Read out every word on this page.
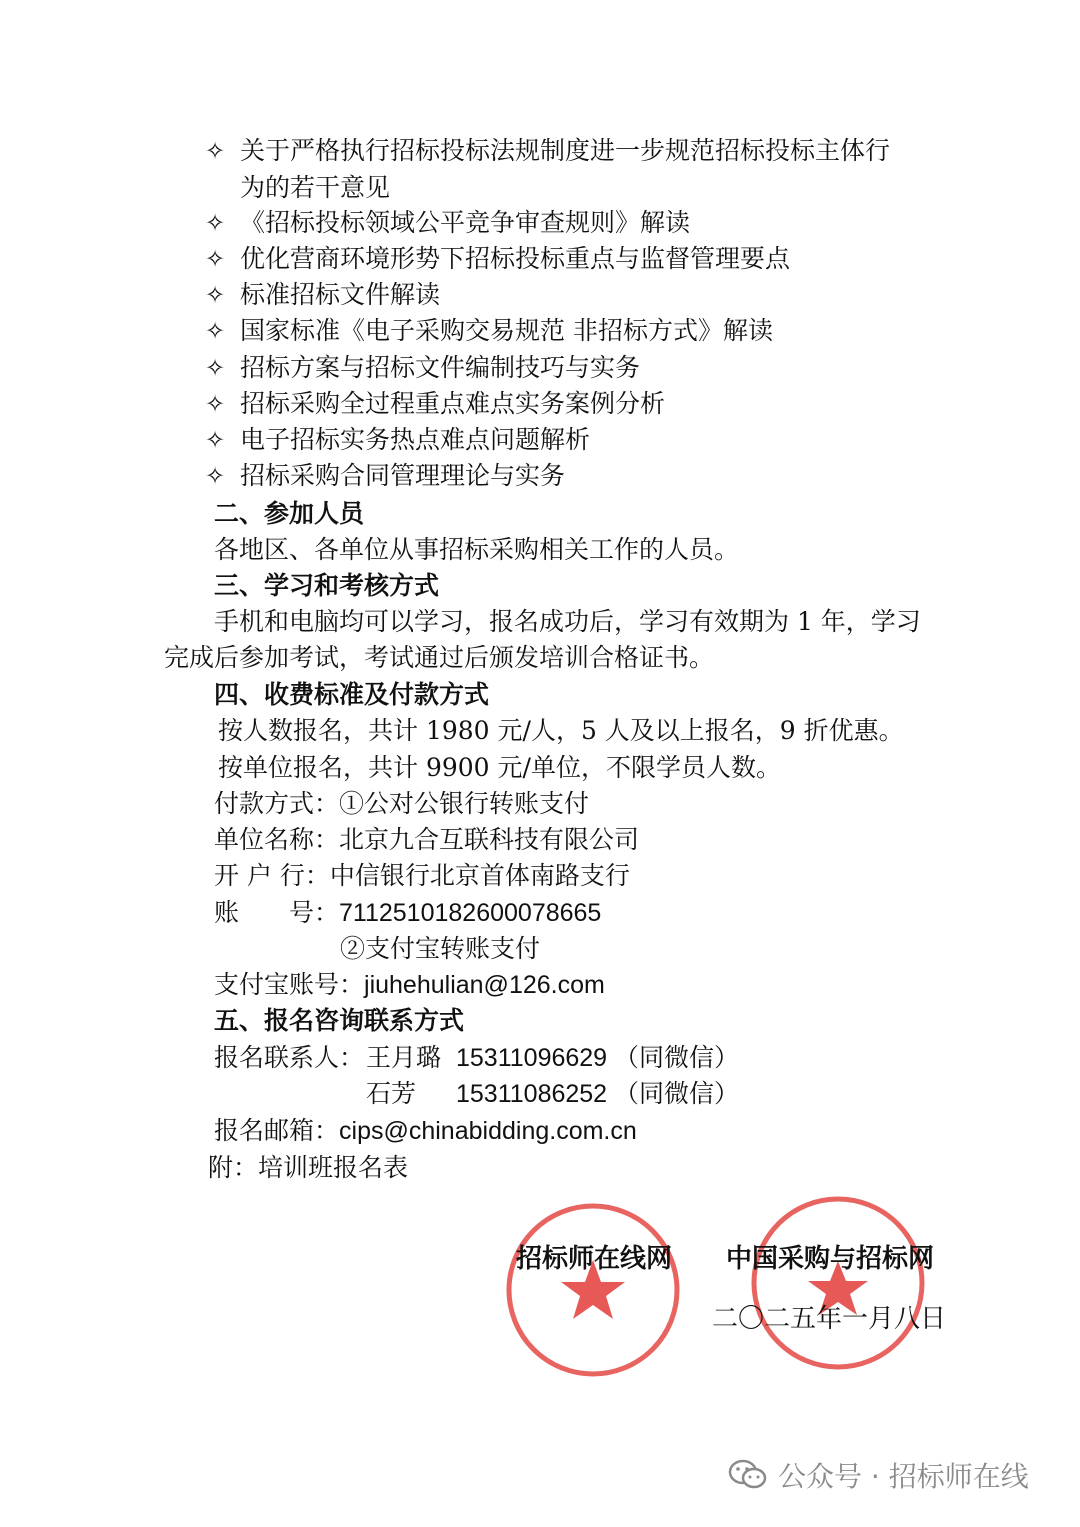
✧ 关于严格执行招标投标法规制度进一步规范招标投标主体行
为的若干意见
✧ 《招标投标领域公平竞争审查规则》解读
✧ 优化营商环境形势下招标投标重点与监督管理要点
✧ 标准招标文件解读
✧ 国家标准《电子采购交易规范 非招标方式》解读
✧ 招标方案与招标文件编制技巧与实务
✧ 招标采购全过程重点难点实务案例分析
✧ 电子招标实务热点难点问题解析
✧ 招标采购合同管理理论与实务
二、参加人员
各地区、各单位从事招标采购相关工作的人员。
三、学习和考核方式
手机和电脑均可以学习，报名成功后，学习有效期为 1 年，学习
完成后参加考试，考试通过后颁发培训合格证书。
四、收费标准及付款方式
按人数报名，共计 1980 元/人，5 人及以上报名，9 折优惠。
按单位报名，共计 9900 元/单位，不限学员人数。
付款方式：①公对公银行转账支付
单位名称：北京九合互联科技有限公司
开 户 行：中信银行北京首体南路支行
账　　号：7112510182600078665
②支付宝转账支付
支付宝账号：jiuhehulian@126.com
五、报名咨询联系方式
报名联系人： 王月璐 15311096629 （同微信）
石芳 15311086252 （同微信）
报名邮箱：cips@chinabidding.com.cn
附：培训班报名表
招标师在线网 中国采购与招标网
二〇二五年一月八日
公众号 · 招标师在线
